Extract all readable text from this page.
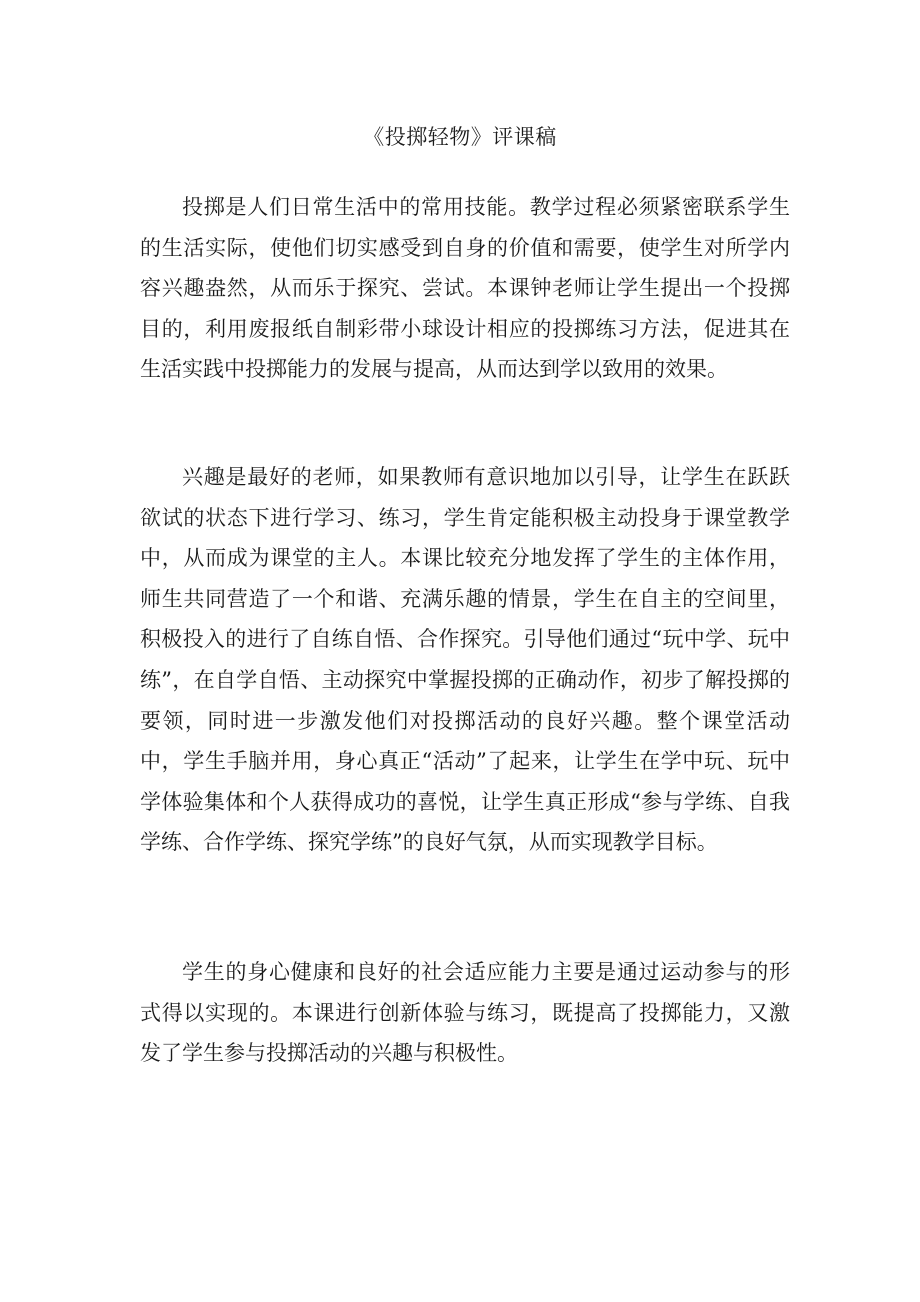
《投掷轻物》评课稿

投掷是人们日常生活中的常用技能。教学过程必须紧密联系学生的生活实际，使他们切实感受到自身的价值和需要，使学生对所学内容兴趣盎然，从而乐于探究、尝试。本课钟老师让学生提出一个投掷目的，利用废报纸自制彩带小球设计相应的投掷练习方法，促进其在生活实践中投掷能力的发展与提高，从而达到学以致用的效果。

兴趣是最好的老师，如果教师有意识地加以引导，让学生在跃跃欲试的状态下进行学习、练习，学生肯定能积极主动投身于课堂教学中，从而成为课堂的主人。本课比较充分地发挥了学生的主体作用，师生共同营造了一个和谐、充满乐趣的情景，学生在自主的空间里，积极投入的进行了自练自悟、合作探究。引导他们通过“玩中学、玩中练”，在自学自悟、主动探究中掌握投掷的正确动作，初步了解投掷的要领，同时进一步激发他们对投掷活动的良好兴趣。整个课堂活动中，学生手脑并用，身心真正“活动”了起来，让学生在学中玩、玩中学体验集体和个人获得成功的喜悦，让学生真正形成“参与学练、自我学练、合作学练、探究学练”的良好气氛，从而实现教学目标。

学生的身心健康和良好的社会适应能力主要是通过运动参与的形式得以实现的。本课进行创新体验与练习，既提高了投掷能力，又激发了学生参与投掷活动的兴趣与积极性。
